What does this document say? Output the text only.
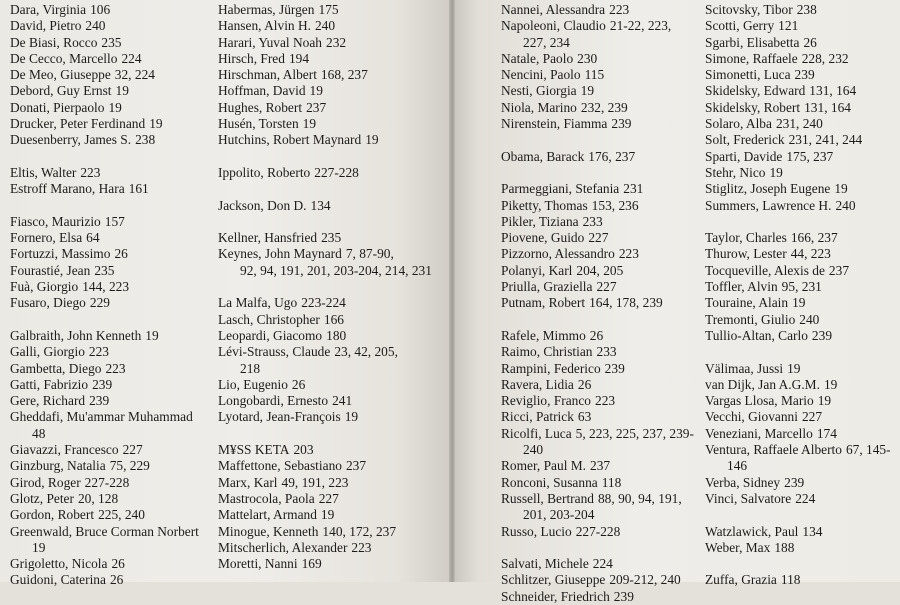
Dara, Virginia 106
David, Pietro 240
De Biasi, Rocco 235
De Cecco, Marcello 224
De Meo, Giuseppe 32, 224
Debord, Guy Ernst 19
Donati, Pierpaolo 19
Drucker, Peter Ferdinand 19
Duesenberry, James S. 238
Eltis, Walter 223
Estroff Marano, Hara 161
Fiasco, Maurizio 157
Fornero, Elsa 64
Fortuzzi, Massimo 26
Fourastié, Jean 235
Fuà, Giorgio 144, 223
Fusaro, Diego 229
Galbraith, John Kenneth 19
Galli, Giorgio 223
Gambetta, Diego 223
Gatti, Fabrizio 239
Gere, Richard 239
Gheddafi, Mu'ammar Muhammad
48
Giavazzi, Francesco 227
Ginzburg, Natalia 75, 229
Girod, Roger 227-228
Glotz, Peter 20, 128
Gordon, Robert 225, 240
Greenwald, Bruce Corman Norbert
19
Grigoletto, Nicola 26
Guidoni, Caterina 26
Habermas, Jürgen 175
Hansen, Alvin H. 240
Harari, Yuval Noah 232
Hirsch, Fred 194
Hirschman, Albert 168, 237
Hoffman, David 19
Hughes, Robert 237
Husén, Torsten 19
Hutchins, Robert Maynard 19
Ippolito, Roberto 227-228
Jackson, Don D. 134
Kellner, Hansfried 235
Keynes, John Maynard 7, 87-90,
92, 94, 191, 201, 203-204, 214, 231
La Malfa, Ugo 223-224
Lasch, Christopher 166
Leopardi, Giacomo 180
Lévi-Strauss, Claude 23, 42, 205,
218
Lio, Eugenio 26
Longobardi, Ernesto 241
Lyotard, Jean-François 19
M¥SS KETA 203
Maffettone, Sebastiano 237
Marx, Karl 49, 191, 223
Mastrocola, Paola 227
Mattelart, Armand 19
Minogue, Kenneth 140, 172, 237
Mitscherlich, Alexander 223
Moretti, Nanni 169
Nannei, Alessandra 223
Napoleoni, Claudio 21-22, 223,
227, 234
Natale, Paolo 230
Nencini, Paolo 115
Nesti, Giorgia 19
Niola, Marino 232, 239
Nirenstein, Fiamma 239
Obama, Barack 176, 237
Parmeggiani, Stefania 231
Piketty, Thomas 153, 236
Pikler, Tiziana 233
Piovene, Guido 227
Pizzorno, Alessandro 223
Polanyi, Karl 204, 205
Priulla, Graziella 227
Putnam, Robert 164, 178, 239
Rafele, Mimmo 26
Raimo, Christian 233
Rampini, Federico 239
Ravera, Lidia 26
Reviglio, Franco 223
Ricci, Patrick 63
Ricolfi, Luca 5, 223, 225, 237, 239-
240
Romer, Paul M. 237
Ronconi, Susanna 118
Russell, Bertrand 88, 90, 94, 191,
201, 203-204
Russo, Lucio 227-228
Salvati, Michele 224
Schlitzer, Giuseppe 209-212, 240
Schneider, Friedrich 239
Scitovsky, Tibor 238
Scotti, Gerry 121
Sgarbi, Elisabetta 26
Simone, Raffaele 228, 232
Simonetti, Luca 239
Skidelsky, Edward 131, 164
Skidelsky, Robert 131, 164
Solaro, Alba 231, 240
Solt, Frederick 231, 241, 244
Sparti, Davide 175, 237
Stehr, Nico 19
Stiglitz, Joseph Eugene 19
Summers, Lawrence H. 240
Taylor, Charles 166, 237
Thurow, Lester 44, 223
Tocqueville, Alexis de 237
Toffler, Alvin 95, 231
Touraine, Alain 19
Tremonti, Giulio 240
Tullio-Altan, Carlo 239
Välimaa, Jussi 19
van Dijk, Jan A.G.M. 19
Vargas Llosa, Mario 19
Vecchi, Giovanni 227
Veneziani, Marcello 174
Ventura, Raffaele Alberto 67, 145-
146
Verba, Sidney 239
Vinci, Salvatore 224
Watzlawick, Paul 134
Weber, Max 188
Zuffa, Grazia 118
